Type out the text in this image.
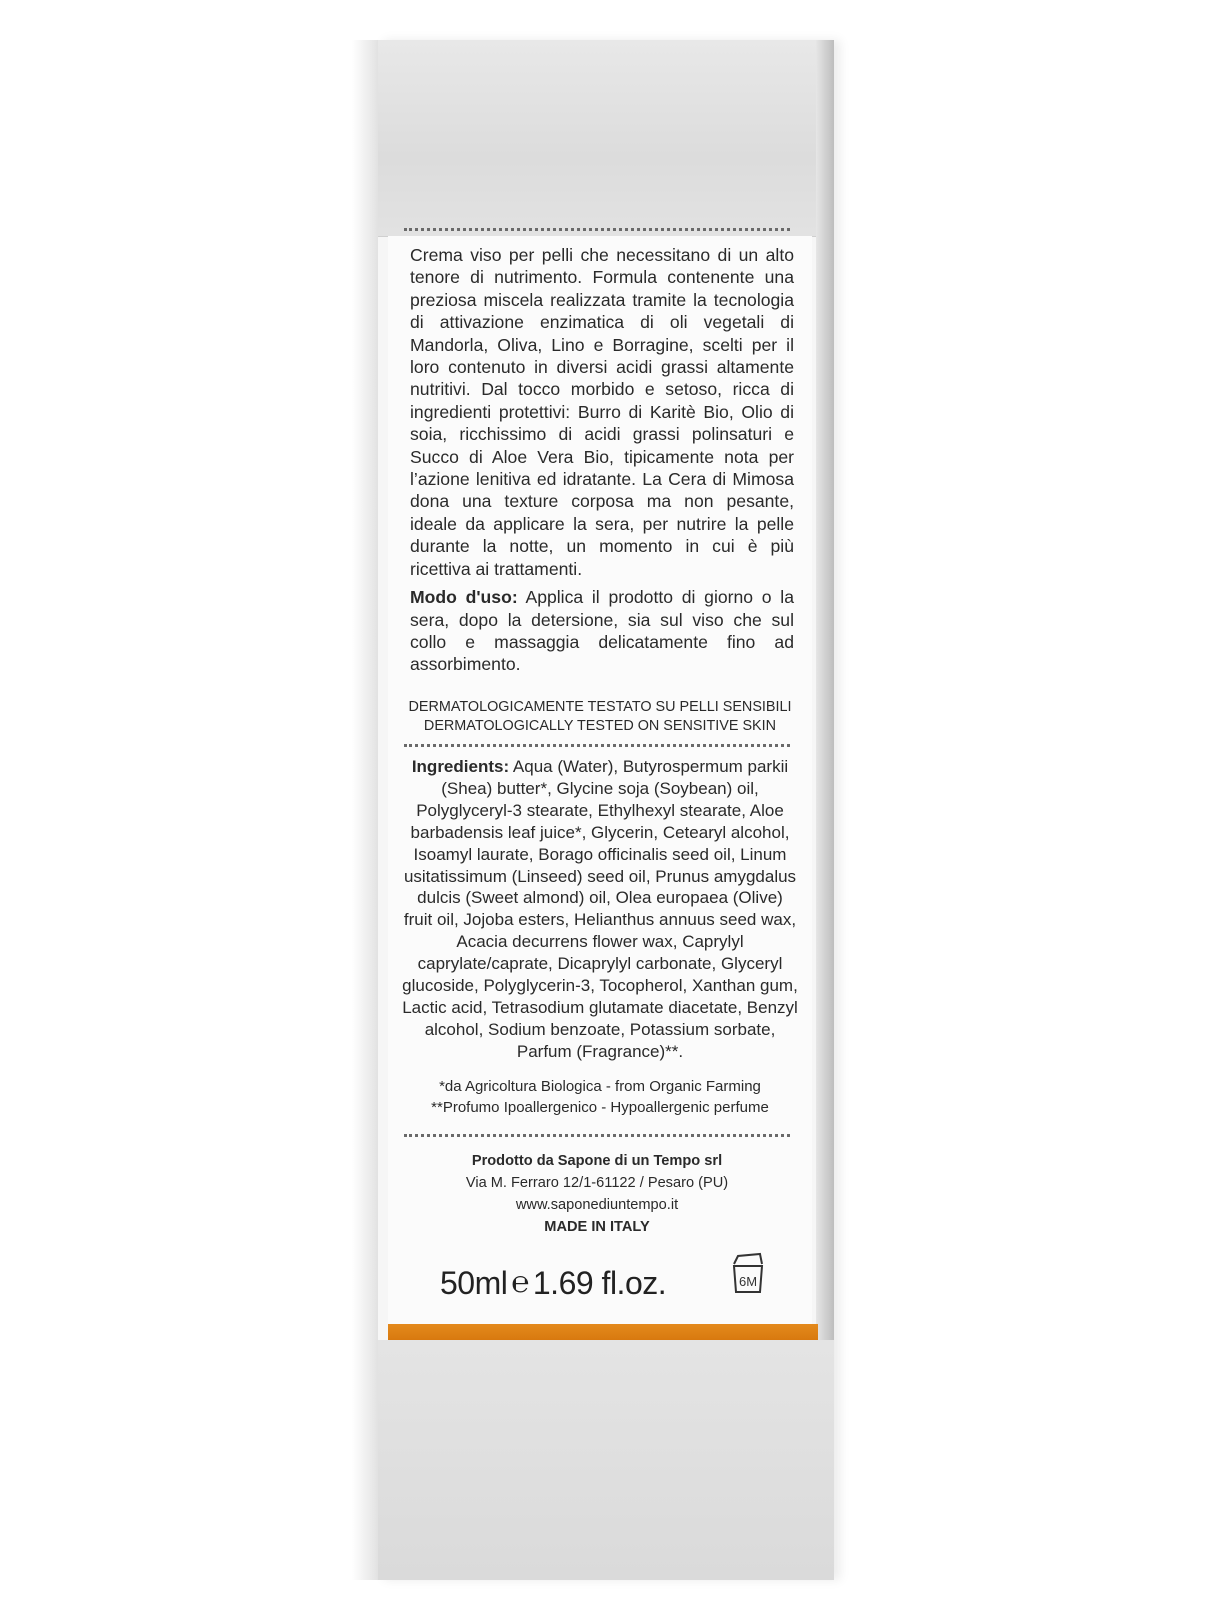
Crema viso per pelli che necessitano di un alto tenore di nutrimento. Formula contenente una preziosa miscela realizzata tramite la tecnologia di attivazione enzimatica di oli vegetali di Mandorla, Oliva, Lino e Borragine, scelti per il loro contenuto in diversi acidi grassi altamente nutritivi. Dal tocco morbido e setoso, ricca di ingredienti protettivi: Burro di Karitè Bio, Olio di soia, ricchissimo di acidi grassi polinsaturi e Succo di Aloe Vera Bio, tipicamente nota per l’azione lenitiva ed idratante. La Cera di Mimosa dona una texture corposa ma non pesante, ideale da applicare la sera, per nutrire la pelle durante la notte, un momento in cui è più ricettiva ai trattamenti.

Modo d'uso: Applica il prodotto di giorno o la sera, dopo la detersione, sia sul viso che sul collo e massaggia delicatamente fino ad assorbimento.

DERMATOLOGICAMENTE TESTATO SU PELLI SENSIBILI
DERMATOLOGICALLY TESTED ON SENSITIVE SKIN
Ingredients: Aqua (Water), Butyrospermum parkii (Shea) butter*, Glycine soja (Soybean) oil, Polyglyceryl-3 stearate, Ethylhexyl stearate, Aloe barbadensis leaf juice*, Glycerin, Cetearyl alcohol, Isoamyl laurate, Borago officinalis seed oil, Linum usitatissimum (Linseed) seed oil, Prunus amygdalus dulcis (Sweet almond) oil, Olea europaea (Olive) fruit oil, Jojoba esters, Helianthus annuus seed wax, Acacia decurrens flower wax, Caprylyl caprylate/caprate, Dicaprylyl carbonate, Glyceryl glucoside, Polyglycerin-3, Tocopherol, Xanthan gum, Lactic acid, Tetrasodium glutamate diacetate, Benzyl alcohol, Sodium benzoate, Potassium sorbate, Parfum (Fragrance)**.
*da Agricoltura Biologica - from Organic Farming
**Profumo Ipoallergenico - Hypoallergenic perfume
Prodotto da Sapone di un Tempo srl
Via M. Ferraro 12/1-61122 / Pesaro (PU)
www.saponediuntempo.it
MADE IN ITALY
50ml ℮ 1.69 fl.oz.	6M
